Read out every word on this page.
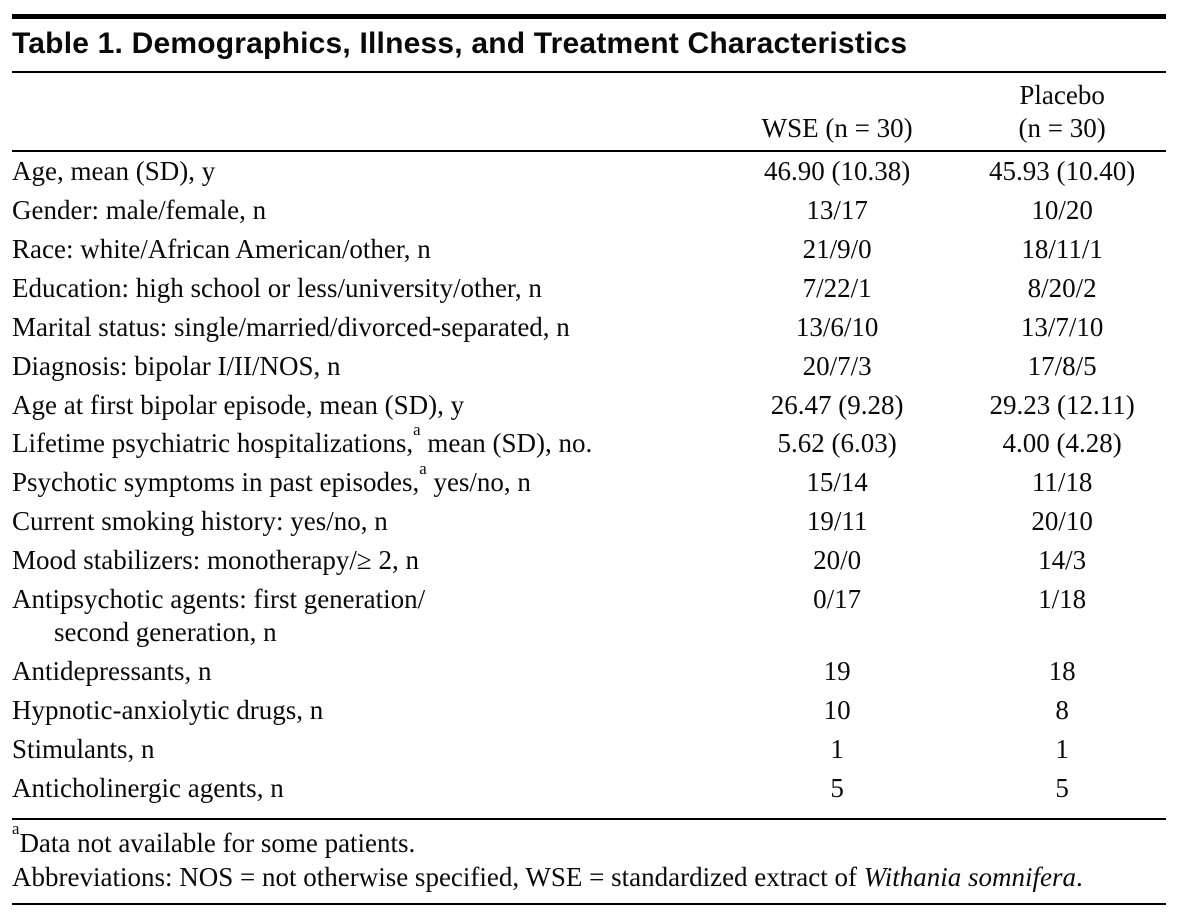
Table 1. Demographics, Illness, and Treatment Characteristics
	WSE (n = 30)	Placebo
(n = 30)

Age, mean (SD), y	46.90 (10.38)	45.93 (10.40)
Gender: male/female, n	13/17	10/20
Race: white/African American/other, n	21/9/0	18/11/1
Education: high school or less/university/other, n	7/22/1	8/20/2
Marital status: single/married/divorced-separated, n	13/6/10	13/7/10
Diagnosis: bipolar I/II/NOS, n	20/7/3	17/8/5
Age at first bipolar episode, mean (SD), y	26.47 (9.28)	29.23 (12.11)
Lifetime psychiatric hospitalizations,$^a$ mean (SD), no.	5.62 (6.03)	4.00 (4.28)
Psychotic symptoms in past episodes,$^a$ yes/no, n	15/14	11/18
Current smoking history: yes/no, n	19/11	20/10
Mood stabilizers: monotherapy/≥ 2, n	20/0	14/3
Antipsychotic agents: first generation/
second generation, n	0/17	1/18
Antidepressants, n	19	18
Hypnotic-anxiolytic drugs, n	10	8
Stimulants, n	1	1
Anticholinergic agents, n	5	5
$^a$Data not available for some patients.
Abbreviations: NOS = not otherwise specified, WSE = standardized extract of Withania somnifera.
